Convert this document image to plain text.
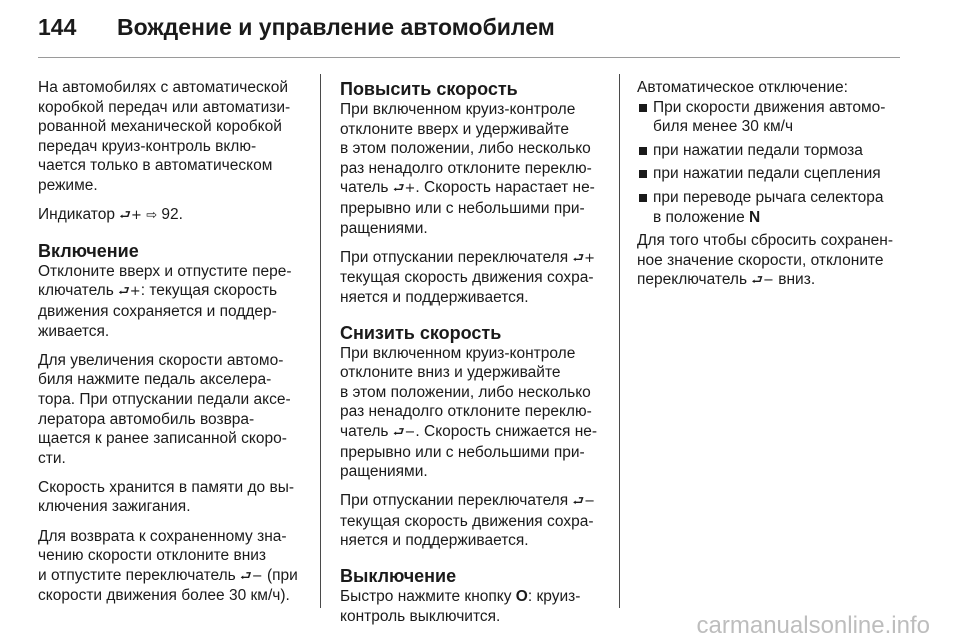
144 Вождение и управление автомобилем

На автомобилях с автоматической
коробкой передач или автоматизи-
рованной механической коробкой
передач круиз-контроль вклю-
чается только в автоматическом
режиме.

Индикатор ⮐+ ⇨ 92.

Включение

Отклоните вверх и отпустите пере-
ключатель ⮐+: текущая скорость
движения сохраняется и поддер-
живается.

Для увеличения скорости автомо-
биля нажмите педаль акселера-
тора. При отпускании педали аксе-
лератора автомобиль возвра-
щается к ранее записанной скоро-
сти.

Скорость хранится в памяти до вы-
ключения зажигания.

Для возврата к сохраненному зна-
чению скорости отклоните вниз
и отпустите переключатель ⮐− (при
скорости движения более 30 км/ч).

Повысить скорость

При включенном круиз-контроле
отклоните вверх и удерживайте
в этом положении, либо несколько
раз ненадолго отклоните переклю-
чатель ⮐+. Скорость нарастает не-
прерывно или с небольшими при-
ращениями.

При отпускании переключателя ⮐+
текущая скорость движения сохра-
няется и поддерживается.

Снизить скорость

При включенном круиз-контроле
отклоните вниз и удерживайте
в этом положении, либо несколько
раз ненадолго отклоните переклю-
чатель ⮐−. Скорость снижается не-
прерывно или с небольшими при-
ращениями.

При отпускании переключателя ⮐−
текущая скорость движения сохра-
няется и поддерживается.

Выключение

Быстро нажмите кнопку O: круиз-
контроль выключится.

Автоматическое отключение:

При скорости движения автомо-
биля менее 30 км/ч
при нажатии педали тормоза
при нажатии педали сцепления
при переводе рычага селектора
в положение N

Для того чтобы сбросить сохранен-
ное значение скорости, отклоните
переключатель ⮐− вниз.

carmanualsonline.info
